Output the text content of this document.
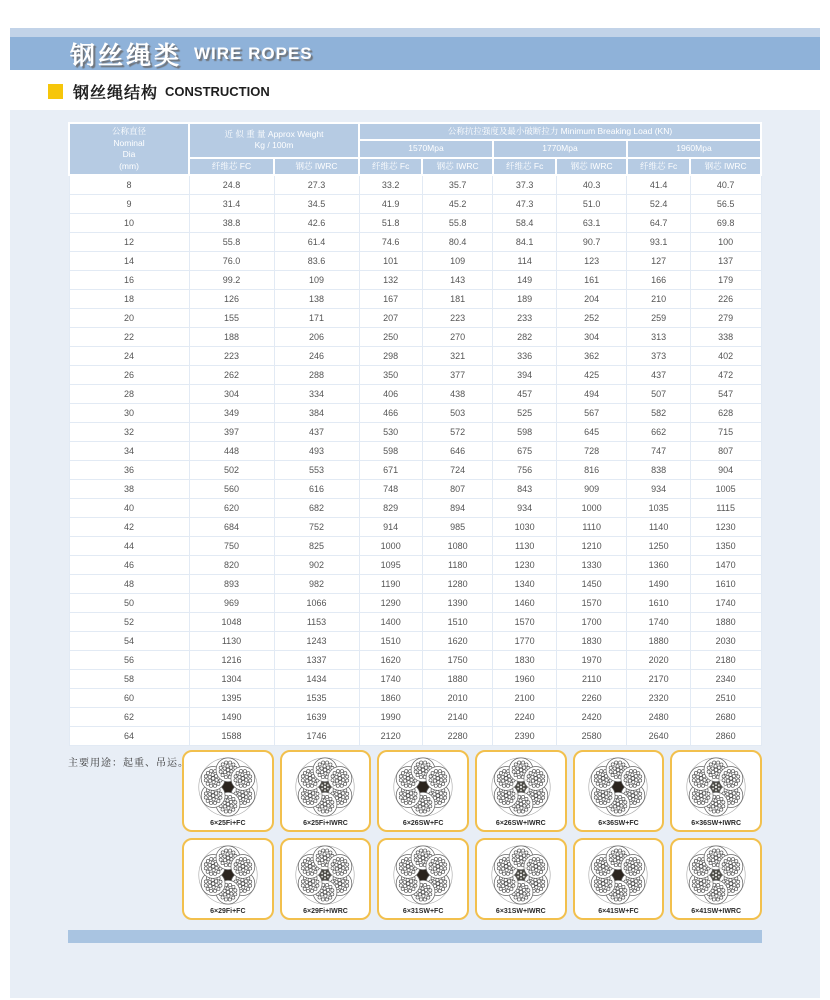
钢丝绳类 WIRE ROPES
钢丝绳结构 CONSTRUCTION
公称直径
Nominal
Dia
(mm)	近 似 重 量 Approx Weight
Kg / 100m		公称抗拉强度及最小破断拉力 Minimum Breaking Load (KN)					
			1570Mpa		1770Mpa		1960Mpa	
	纤维芯 FC	钢芯 IWRC	纤维芯 Fc	钢芯 IWRC	纤维芯 Fc	钢芯 IWRC	纤维芯 Fc	钢芯 IWRC
8	24.8	27.3	33.2	35.7	37.3	40.3	41.4	40.7
9	31.4	34.5	41.9	45.2	47.3	51.0	52.4	56.5
10	38.8	42.6	51.8	55.8	58.4	63.1	64.7	69.8
12	55.8	61.4	74.6	80.4	84.1	90.7	93.1	100
14	76.0	83.6	101	109	114	123	127	137
16	99.2	109	132	143	149	161	166	179
18	126	138	167	181	189	204	210	226
20	155	171	207	223	233	252	259	279
22	188	206	250	270	282	304	313	338
24	223	246	298	321	336	362	373	402
26	262	288	350	377	394	425	437	472
28	304	334	406	438	457	494	507	547
30	349	384	466	503	525	567	582	628
32	397	437	530	572	598	645	662	715
34	448	493	598	646	675	728	747	807
36	502	553	671	724	756	816	838	904
38	560	616	748	807	843	909	934	1005
40	620	682	829	894	934	1000	1035	1115
42	684	752	914	985	1030	1110	1140	1230
44	750	825	1000	1080	1130	1210	1250	1350
46	820	902	1095	1180	1230	1330	1360	1470
48	893	982	1190	1280	1340	1450	1490	1610
50	969	1066	1290	1390	1460	1570	1610	1740
52	1048	1153	1400	1510	1570	1700	1740	1880
54	1130	1243	1510	1620	1770	1830	1880	2030
56	1216	1337	1620	1750	1830	1970	2020	2180
58	1304	1434	1740	1880	1960	2110	2170	2340
60	1395	1535	1860	2010	2100	2260	2320	2510
62	1490	1639	1990	2140	2240	2420	2480	2680
64	1588	1746	2120	2280	2390	2580	2640	2860
主要用途：起重、吊运。
6×25Fi+FC	6×25Fi+IWRC	6×26SW+FC	6×26SW+IWRC	6×36SW+FC	6×36SW+IWRC
6×29Fi+FC	6×29Fi+IWRC	6×31SW+FC	6×31SW+IWRC	6×41SW+FC	6×41SW+IWRC
